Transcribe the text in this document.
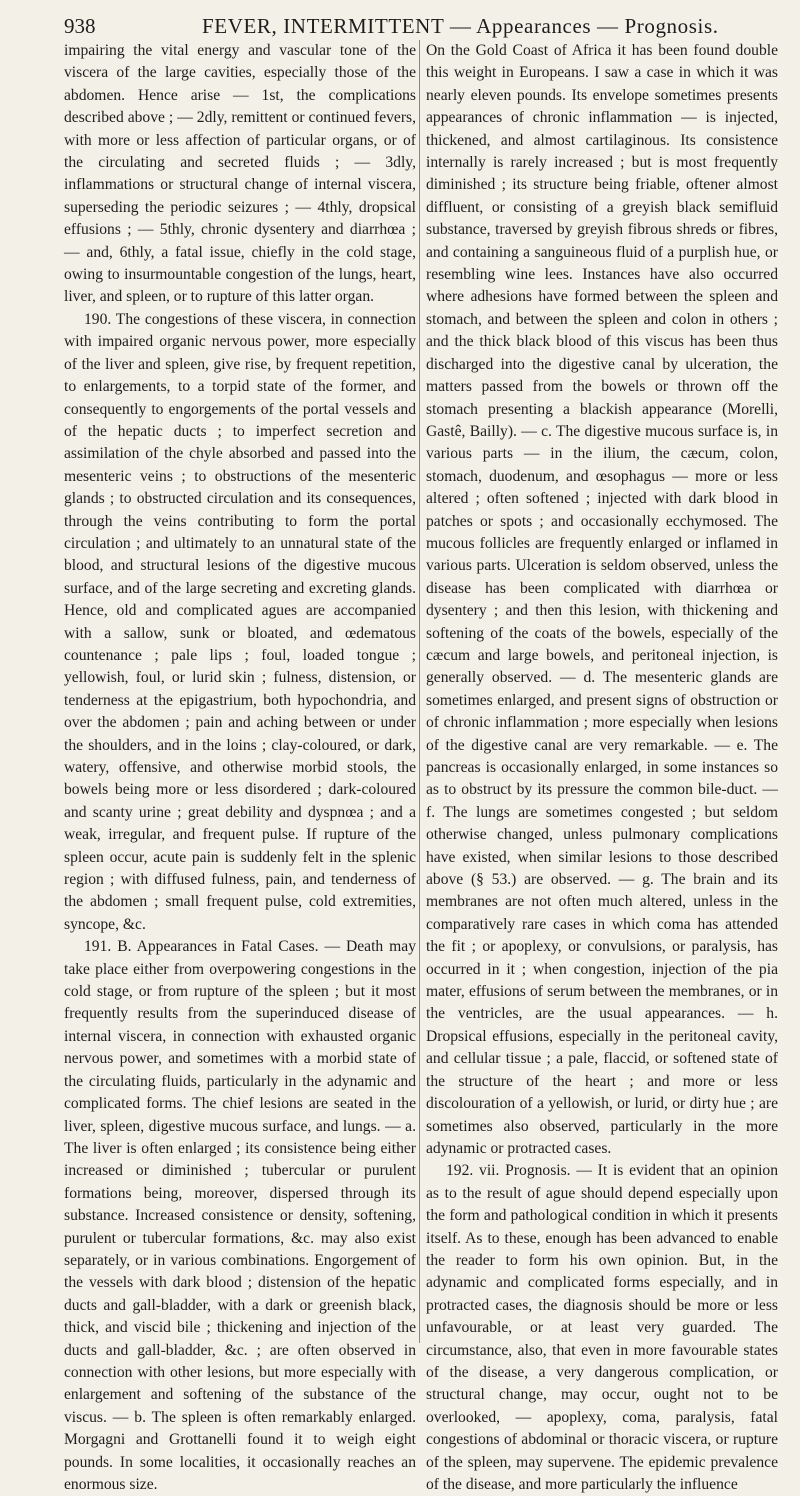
938	FEVER, INTERMITTENT — Appearances — Prognosis.

impairing the vital energy and vascular tone of the viscera of the large cavities, especially those of the abdomen. Hence arise — 1st, the complications described above ; — 2dly, remittent or continued fevers, with more or less affection of particular organs, or of the circulating and secreted fluids ; — 3dly, inflammations or structural change of internal viscera, superseding the periodic seizures ; — 4thly, dropsical effusions ; — 5thly, chronic dysentery and diarrhœa ; — and, 6thly, a fatal issue, chiefly in the cold stage, owing to insurmountable congestion of the lungs, heart, liver, and spleen, or to rupture of this latter organ.

190. The congestions of these viscera, in connection with impaired organic nervous power, more especially of the liver and spleen, give rise, by frequent repetition, to enlargements, to a torpid state of the former, and consequently to engorgements of the portal vessels and of the hepatic ducts ; to imperfect secretion and assimilation of the chyle absorbed and passed into the mesenteric veins ; to obstructions of the mesenteric glands ; to obstructed circulation and its consequences, through the veins contributing to form the portal circulation ; and ultimately to an unnatural state of the blood, and structural lesions of the digestive mucous surface, and of the large secreting and excreting glands. Hence, old and complicated agues are accompanied with a sallow, sunk or bloated, and œdematous countenance ; pale lips ; foul, loaded tongue ; yellowish, foul, or lurid skin ; fulness, distension, or tenderness at the epigastrium, both hypochondria, and over the abdomen ; pain and aching between or under the shoulders, and in the loins ; clay-coloured, or dark, watery, offensive, and otherwise morbid stools, the bowels being more or less disordered ; dark-coloured and scanty urine ; great debility and dyspnœa ; and a weak, irregular, and frequent pulse. If rupture of the spleen occur, acute pain is suddenly felt in the splenic region ; with diffused fulness, pain, and tenderness of the abdomen ; small frequent pulse, cold extremities, syncope, &c.

191. B. Appearances in Fatal Cases. — Death may take place either from overpowering congestions in the cold stage, or from rupture of the spleen ; but it most frequently results from the superinduced disease of internal viscera, in connection with exhausted organic nervous power, and sometimes with a morbid state of the circulating fluids, particularly in the adynamic and complicated forms. The chief lesions are seated in the liver, spleen, digestive mucous surface, and lungs. — a. The liver is often enlarged ; its consistence being either increased or diminished ; tubercular or purulent formations being, moreover, dispersed through its substance. Increased consistence or density, softening, purulent or tubercular formations, &c. may also exist separately, or in various combinations. Engorgement of the vessels with dark blood ; distension of the hepatic ducts and gall-bladder, with a dark or greenish black, thick, and viscid bile ; thickening and injection of the ducts and gall-bladder, &c. ; are often observed in connection with other lesions, but more especially with enlargement and softening of the substance of the viscus. — b. The spleen is often remarkably enlarged. Morgagni and Grottanelli found it to weigh eight pounds. In some localities, it occasionally reaches an enormous size.

On the Gold Coast of Africa it has been found double this weight in Europeans. I saw a case in which it was nearly eleven pounds. Its envelope sometimes presents appearances of chronic inflammation — is injected, thickened, and almost cartilaginous. Its consistence internally is rarely increased ; but is most frequently diminished ; its structure being friable, oftener almost diffluent, or consisting of a greyish black semifluid substance, traversed by greyish fibrous shreds or fibres, and containing a sanguineous fluid of a purplish hue, or resembling wine lees. Instances have also occurred where adhesions have formed between the spleen and stomach, and between the spleen and colon in others ; and the thick black blood of this viscus has been thus discharged into the digestive canal by ulceration, the matters passed from the bowels or thrown off the stomach presenting a blackish appearance (Morelli, Gastê, Bailly). — c. The digestive mucous surface is, in various parts — in the ilium, the cæcum, colon, stomach, duodenum, and œsophagus — more or less altered ; often softened ; injected with dark blood in patches or spots ; and occasionally ecchymosed. The mucous follicles are frequently enlarged or inflamed in various parts. Ulceration is seldom observed, unless the disease has been complicated with diarrhœa or dysentery ; and then this lesion, with thickening and softening of the coats of the bowels, especially of the cæcum and large bowels, and peritoneal injection, is generally observed. — d. The mesenteric glands are sometimes enlarged, and present signs of obstruction or of chronic inflammation ; more especially when lesions of the digestive canal are very remarkable. — e. The pancreas is occasionally enlarged, in some instances so as to obstruct by its pressure the common bile-duct. — f. The lungs are sometimes congested ; but seldom otherwise changed, unless pulmonary complications have existed, when similar lesions to those described above (§ 53.) are observed. — g. The brain and its membranes are not often much altered, unless in the comparatively rare cases in which coma has attended the fit ; or apoplexy, or convulsions, or paralysis, has occurred in it ; when congestion, injection of the pia mater, effusions of serum between the membranes, or in the ventricles, are the usual appearances. — h. Dropsical effusions, especially in the peritoneal cavity, and cellular tissue ; a pale, flaccid, or softened state of the structure of the heart ; and more or less discolouration of a yellowish, or lurid, or dirty hue ; are sometimes also observed, particularly in the more adynamic or protracted cases.

192. vii. Prognosis. — It is evident that an opinion as to the result of ague should depend especially upon the form and pathological condition in which it presents itself. As to these, enough has been advanced to enable the reader to form his own opinion. But, in the adynamic and complicated forms especially, and in protracted cases, the diagnosis should be more or less unfavourable, or at least very guarded. The circumstance, also, that even in more favourable states of the disease, a very dangerous complication, or structural change, may occur, ought not to be overlooked, — apoplexy, coma, paralysis, fatal congestions of abdominal or thoracic viscera, or rupture of the spleen, may supervene. The epidemic prevalence of the disease, and more particularly the influence
